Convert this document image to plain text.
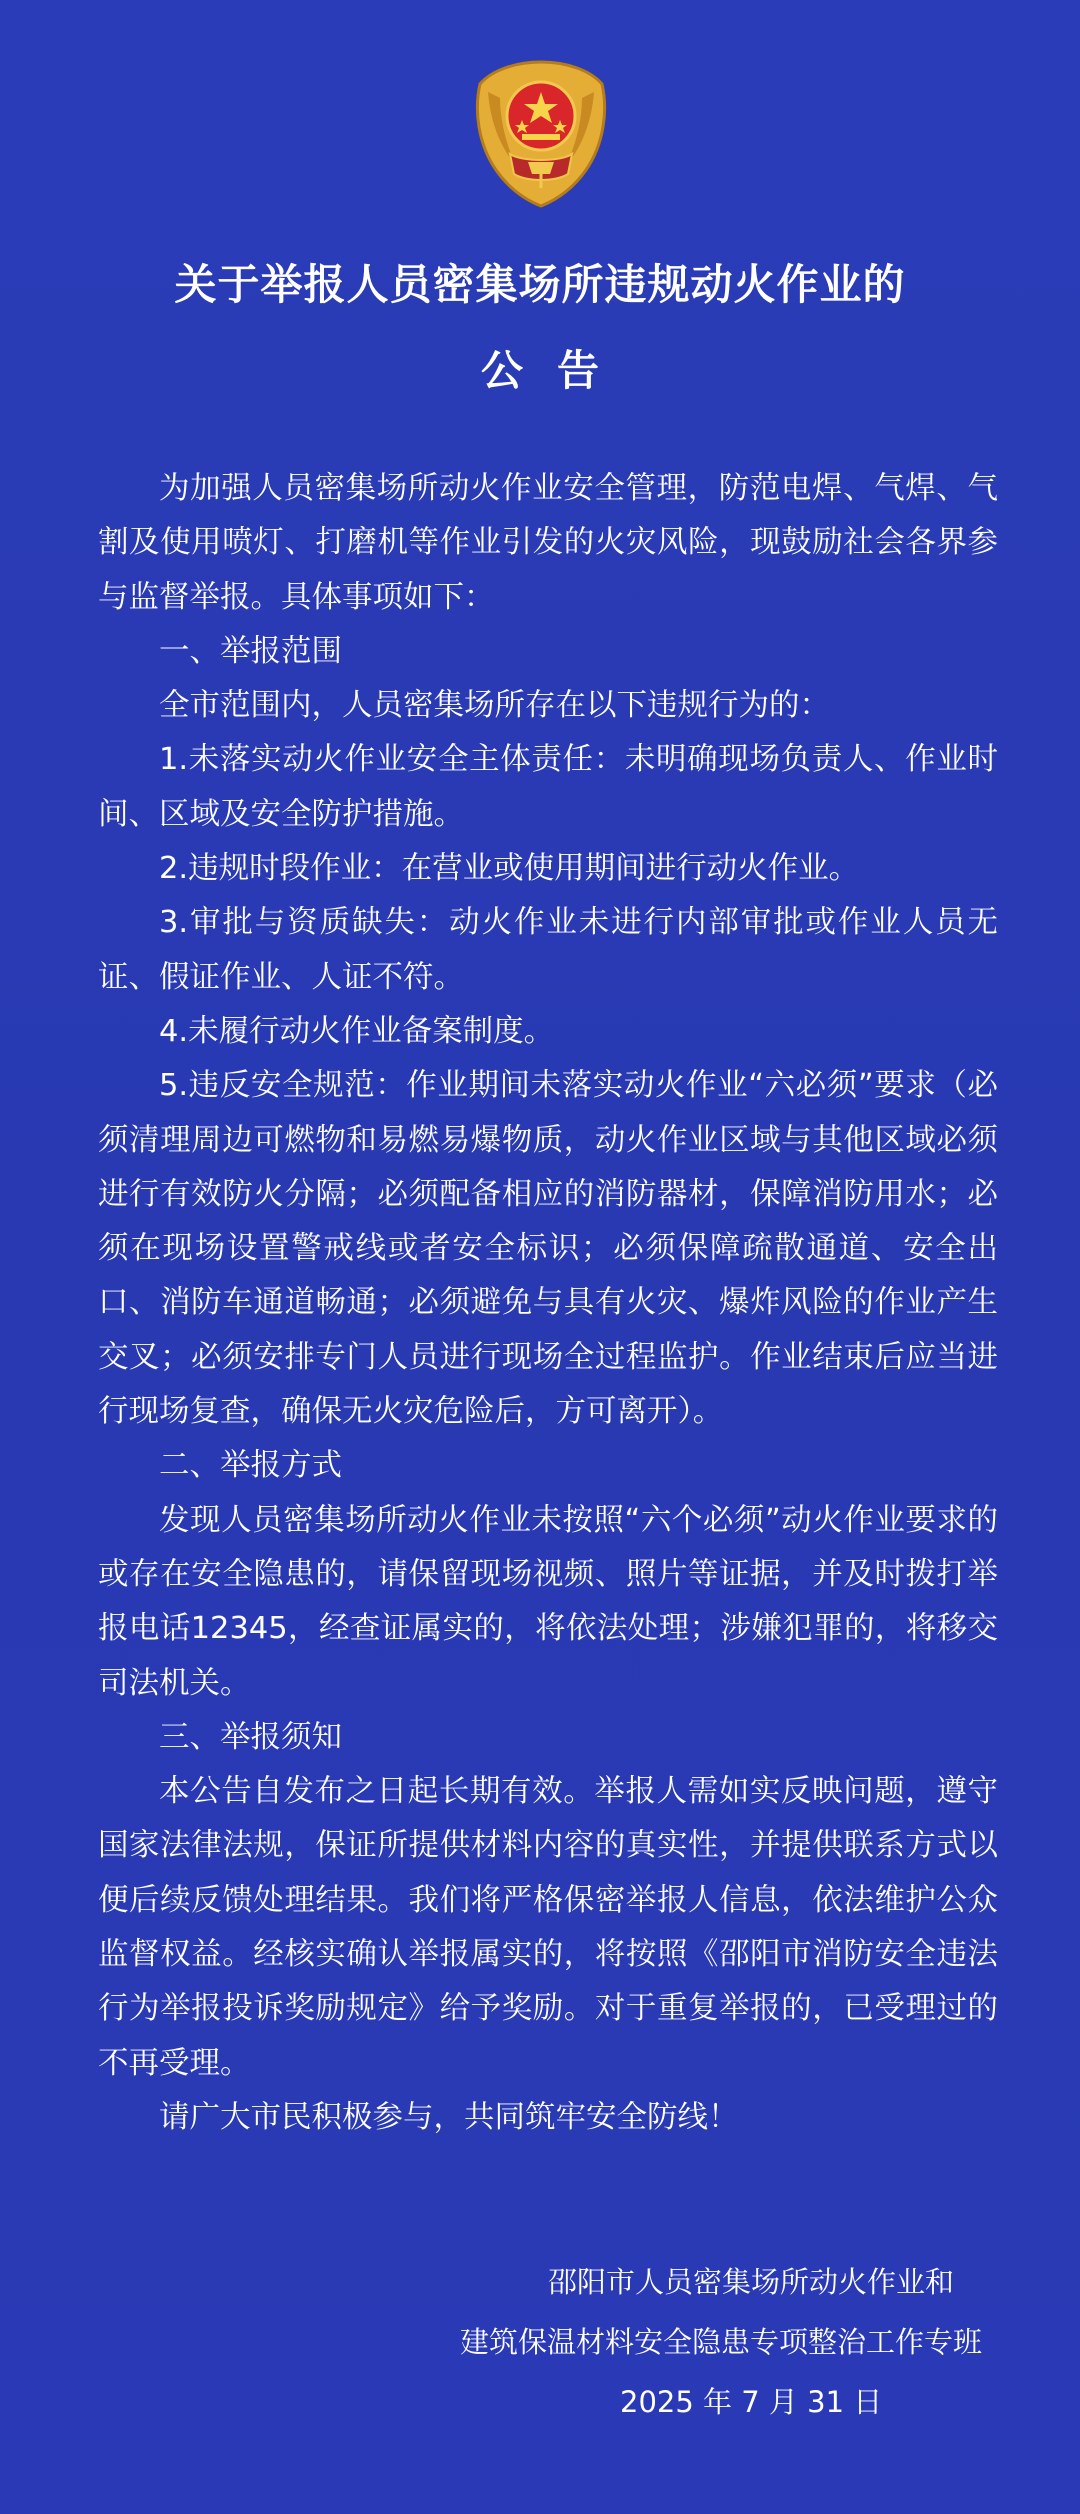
关于举报人员密集场所违规动火作业的
公告

为加强人员密集场所动火作业安全管理，防范电焊、气焊、气割及使用喷灯、打磨机等作业引发的火灾风险，现鼓励社会各界参与监督举报。具体事项如下：

一、举报范围

全市范围内，人员密集场所存在以下违规行为的：

1.未落实动火作业安全主体责任：未明确现场负责人、作业时间、区域及安全防护措施。

2.违规时段作业：在营业或使用期间进行动火作业。

3.审批与资质缺失：动火作业未进行内部审批或作业人员无证、假证作业、人证不符。

4.未履行动火作业备案制度。

5.违反安全规范：作业期间未落实动火作业“六必须”要求（必须清理周边可燃物和易燃易爆物质，动火作业区域与其他区域必须进行有效防火分隔；必须配备相应的消防器材，保障消防用水；必须在现场设置警戒线或者安全标识；必须保障疏散通道、安全出口、消防车通道畅通；必须避免与具有火灾、爆炸风险的作业产生交叉；必须安排专门人员进行现场全过程监护。作业结束后应当进行现场复查，确保无火灾危险后，方可离开）。

二、举报方式

发现人员密集场所动火作业未按照“六个必须”动火作业要求的或存在安全隐患的，请保留现场视频、照片等证据，并及时拨打举报电话12345，经查证属实的，将依法处理；涉嫌犯罪的，将移交司法机关。

三、举报须知

本公告自发布之日起长期有效。举报人需如实反映问题，遵守国家法律法规，保证所提供材料内容的真实性，并提供联系方式以便后续反馈处理结果。我们将严格保密举报人信息，依法维护公众监督权益。经核实确认举报属实的，将按照《邵阳市消防安全违法行为举报投诉奖励规定》给予奖励。对于重复举报的，已受理过的不再受理。

请广大市民积极参与，共同筑牢安全防线！

邵阳市人员密集场所动火作业和
建筑保温材料安全隐患专项整治工作专班
2025 年 7 月 31 日
